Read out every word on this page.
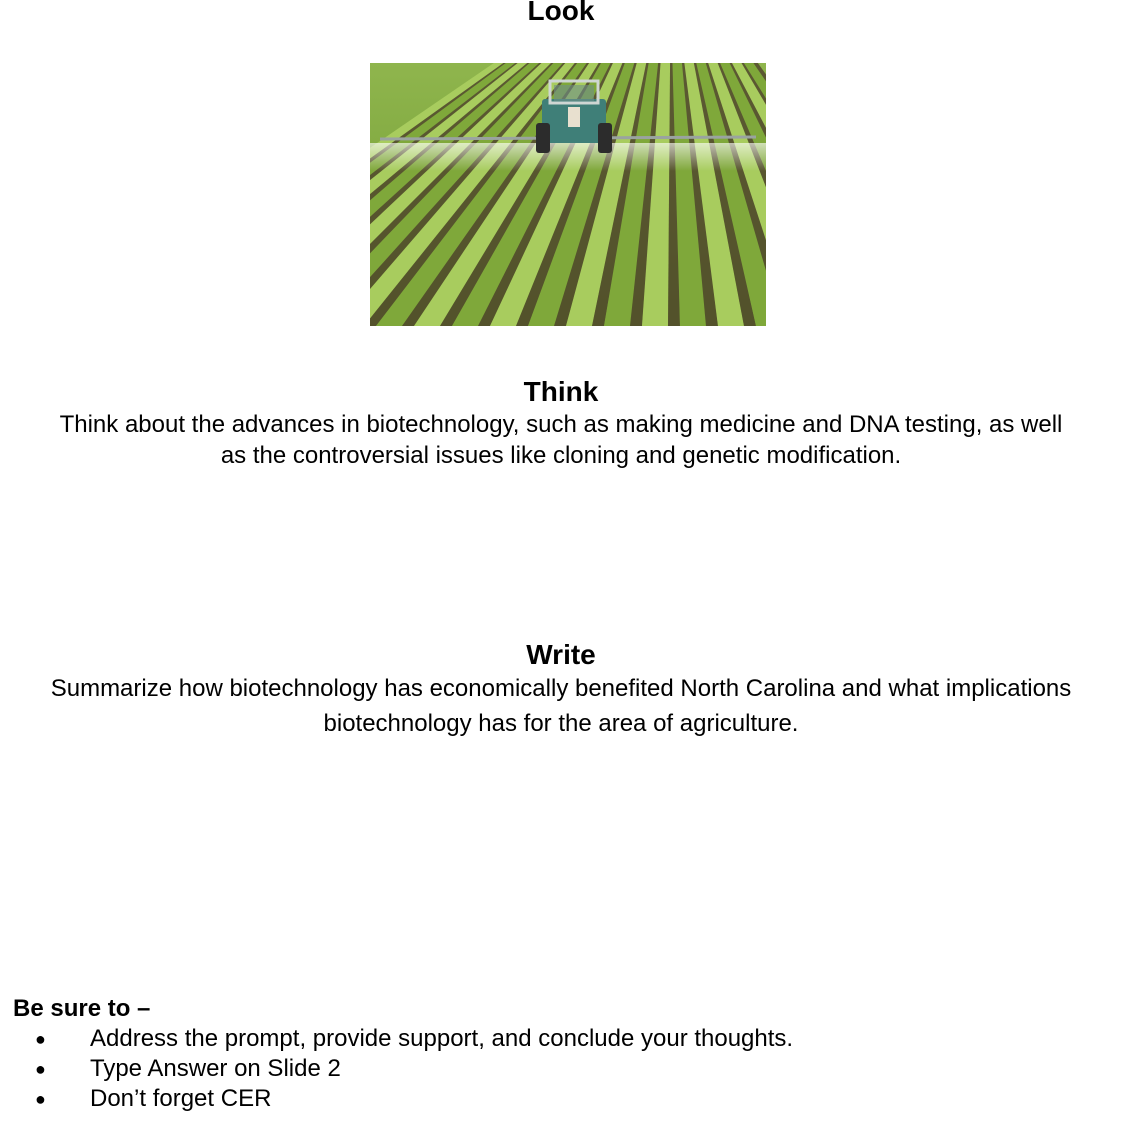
Look
Think

Think about the advances in biotechnology, such as making medicine and DNA testing, as well
as the controversial issues like cloning and genetic modification.

Write

Summarize how biotechnology has economically benefited North Carolina and what implications
biotechnology has for the area of agriculture.

Be sure to –

● Address the prompt, provide support, and conclude your thoughts.
● Type Answer on Slide 2
● Don’t forget CER
